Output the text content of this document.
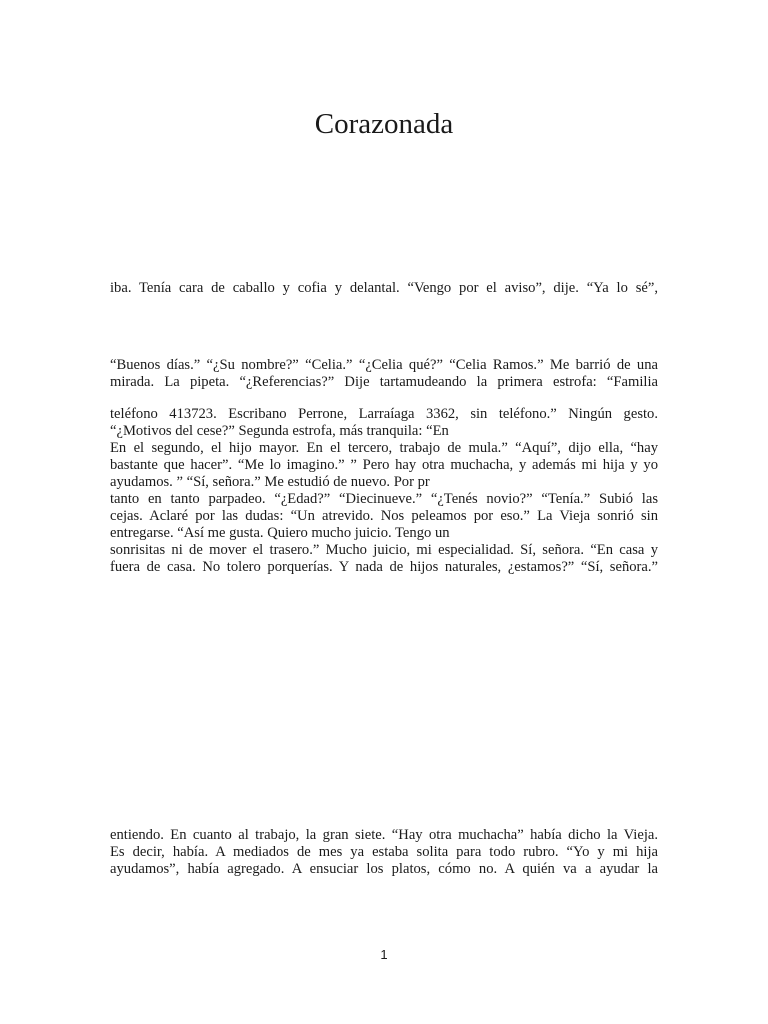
Corazonada
iba. Tenía cara de caballo y cofia y delantal. “Vengo por el aviso”, dije. “Ya lo sé”,
“Buenos días.” “¿Su nombre?” “Celia.” “¿Celia qué?” “Celia Ramos.” Me barrió de una
mirada. La pipeta. “¿Referencias?” Dije tartamudeando la primera estrofa: “Familia
teléfono 413723. Escribano Perrone, Larraíaga 3362, sin teléfono.” Ningún gesto.
“¿Motivos del cese?” Segunda estrofa, más tranquila: “En
En el segundo, el hijo mayor. En el tercero, trabajo de mula.” “Aquí”, dijo ella, “hay
bastante que hacer”. “Me lo imagino.” ” Pero hay otra muchacha, y además mi hija y yo
ayudamos. ” “Sí, señora.” Me estudió de nuevo. Por pr
tanto en tanto parpadeo. “¿Edad?” “Diecinueve.” “¿Tenés novio?” “Tenía.” Subió las
cejas. Aclaré por las dudas: “Un atrevido. Nos peleamos por eso.” La Vieja sonrió sin
entregarse. “Así me gusta. Quiero mucho juicio. Tengo un
sonrisitas ni de mover el trasero.” Mucho juicio, mi especialidad. Sí, señora. “En casa y
fuera de casa. No tolero porquerías. Y nada de hijos naturales, ¿estamos?” “Sí, señora.”
entiendo. En cuanto al trabajo, la gran siete. “Hay otra muchacha” había dicho la Vieja.
Es decir, había. A mediados de mes ya estaba solita para todo rubro. “Yo y mi hija
ayudamos”, había agregado. A ensuciar los platos, cómo no. A quién va a ayudar la
1
